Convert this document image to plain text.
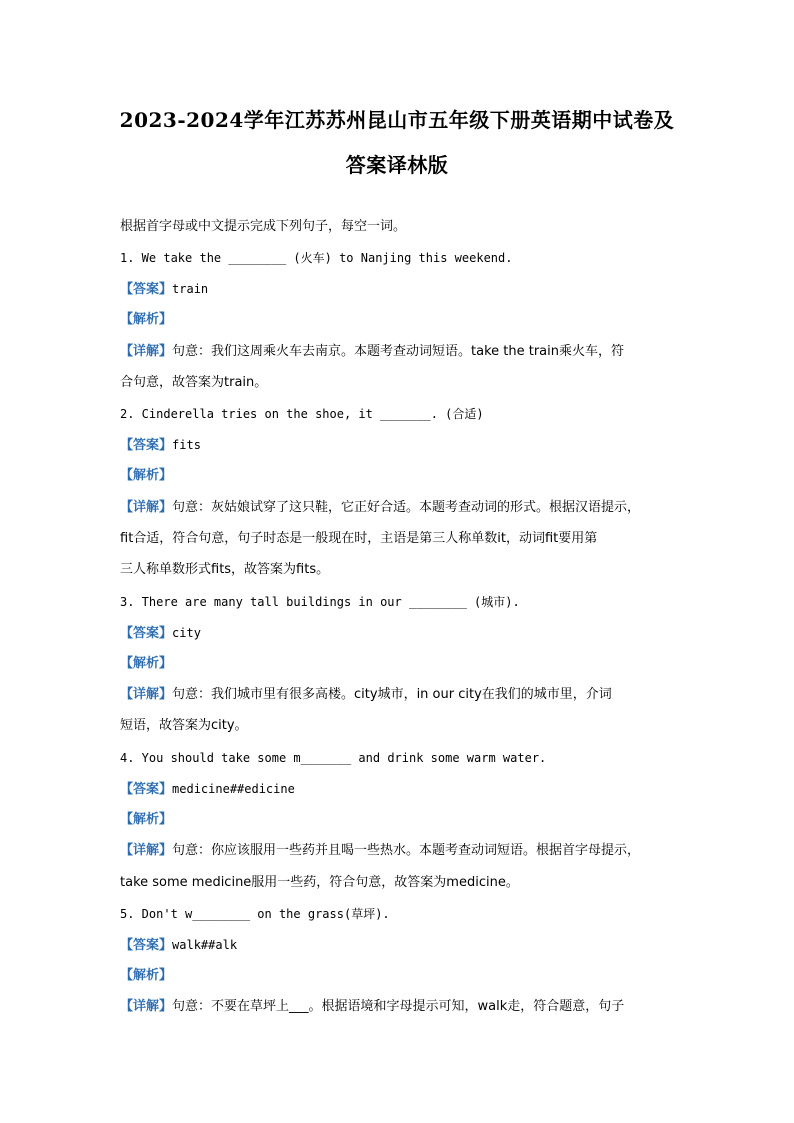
2023-2024学年江苏苏州昆山市五年级下册英语期中试卷及
答案译林版
根据首字母或中文提示完成下列句子，每空一词。
1. We take the ________ (火车) to Nanjing this weekend.
【答案】train
【解析】
【详解】句意：我们这周乘火车去南京。本题考查动词短语。take the train乘火车，符
合句意，故答案为train。
2. Cinderella tries on the shoe, it _______. (合适)
【答案】fits
【解析】
【详解】句意：灰姑娘试穿了这只鞋，它正好合适。本题考查动词的形式。根据汉语提示，
fit合适，符合句意，句子时态是一般现在时，主语是第三人称单数it，动词fit要用第
三人称单数形式fits，故答案为fits。
3. There are many tall buildings in our ________ (城市).
【答案】city
【解析】
【详解】句意：我们城市里有很多高楼。city城市，in our city在我们的城市里，介词
短语，故答案为city。
4. You should take some m_______ and drink some warm water.
【答案】medicine##edicine
【解析】
【详解】句意：你应该服用一些药并且喝一些热水。本题考查动词短语。根据首字母提示，
take some medicine服用一些药，符合句意，故答案为medicine。
5. Don't w________ on the grass(草坪).
【答案】walk##alk
【解析】
【详解】句意：不要在草坪上___。根据语境和字母提示可知，walk走，符合题意，句子
